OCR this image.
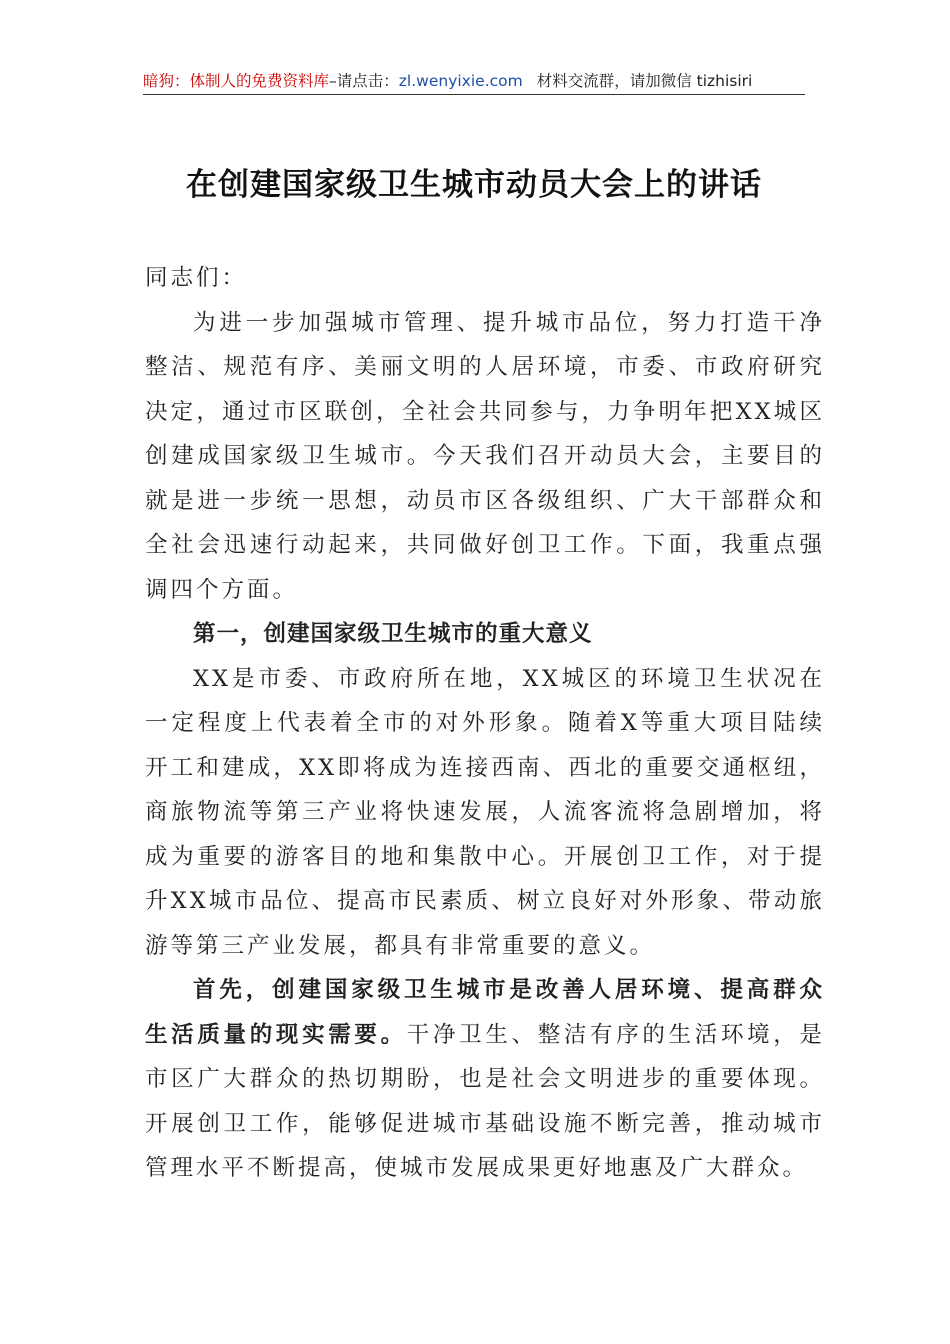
暗狗：体制人的免费资料库–请点击：zl.wenyixie.com 材料交流群，请加微信 tizhisiri
在创建国家级卫生城市动员大会上的讲话

同志们：

为进一步加强城市管理、提升城市品位，努力打造干净整洁、规范有序、美丽文明的人居环境，市委、市政府研究决定，通过市区联创，全社会共同参与，力争明年把XX城区创建成国家级卫生城市。今天我们召开动员大会，主要目的就是进一步统一思想，动员市区各级组织、广大干部群众和全社会迅速行动起来，共同做好创卫工作。下面，我重点强调四个方面。

第一，创建国家级卫生城市的重大意义

XX是市委、市政府所在地，XX城区的环境卫生状况在一定程度上代表着全市的对外形象。随着X等重大项目陆续开工和建成，XX即将成为连接西南、西北的重要交通枢纽，商旅物流等第三产业将快速发展，人流客流将急剧增加，将成为重要的游客目的地和集散中心。开展创卫工作，对于提升XX城市品位、提高市民素质、树立良好对外形象、带动旅游等第三产业发展，都具有非常重要的意义。

首先，创建国家级卫生城市是改善人居环境、提高群众生活质量的现实需要。干净卫生、整洁有序的生活环境，是市区广大群众的热切期盼，也是社会文明进步的重要体现。开展创卫工作，能够促进城市基础设施不断完善，推动城市管理水平不断提高，使城市发展成果更好地惠及广大群众。
